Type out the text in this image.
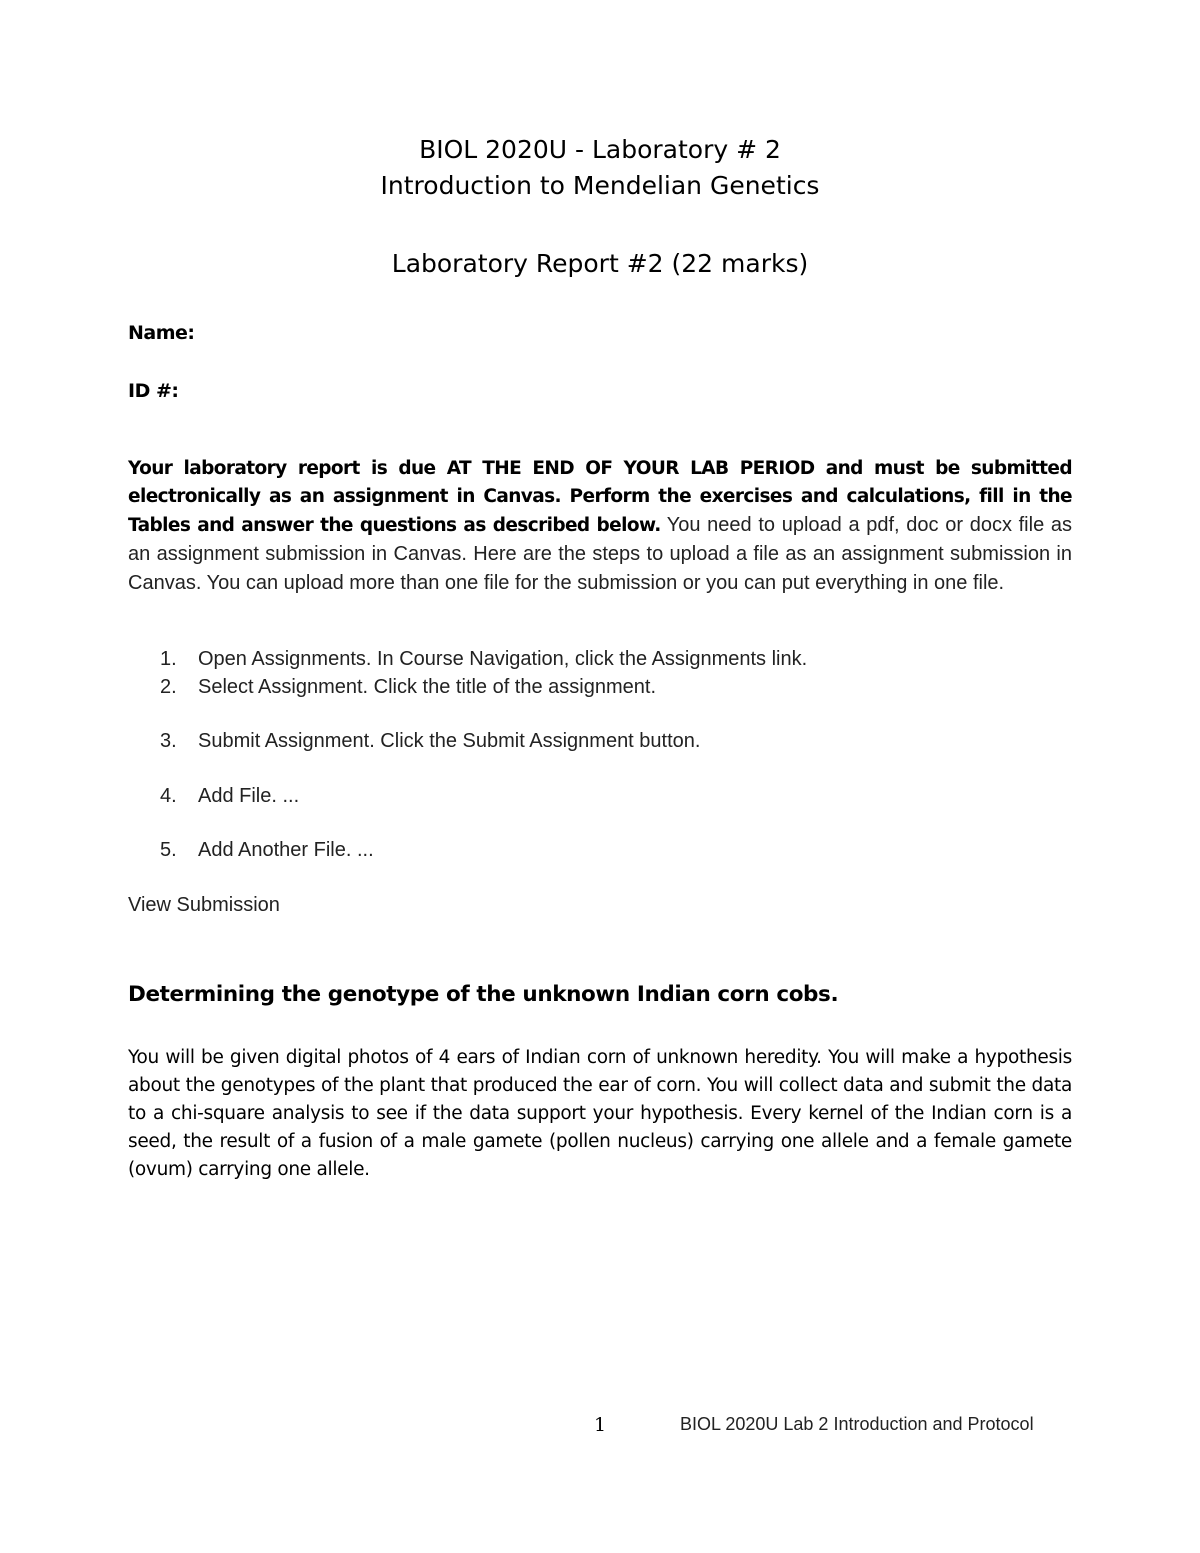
BIOL 2020U - Laboratory # 2
Introduction to Mendelian Genetics
Laboratory Report #2 (22 marks)
Name:
ID #:
Your laboratory report is due AT THE END OF YOUR LAB PERIOD and must be submitted electronically as an assignment in Canvas. Perform the exercises and calculations, fill in the Tables and answer the questions as described below. You need to upload a pdf, doc or docx file as an assignment submission in Canvas. Here are the steps to upload a file as an assignment submission in Canvas. You can upload more than one file for the submission or you can put everything in one file.
1. Open Assignments. In Course Navigation, click the Assignments link.
2. Select Assignment. Click the title of the assignment.
3. Submit Assignment. Click the Submit Assignment button.
4. Add File. ...
5. Add Another File. ...
View Submission
Determining the genotype of the unknown Indian corn cobs.
You will be given digital photos of 4 ears of Indian corn of unknown heredity. You will make a hypothesis about the genotypes of the plant that produced the ear of corn. You will collect data and submit the data to a chi-square analysis to see if the data support your hypothesis. Every kernel of the Indian corn is a seed, the result of a fusion of a male gamete (pollen nucleus) carrying one allele and a female gamete (ovum) carrying one allele.
1	BIOL 2020U Lab 2 Introduction and Protocol
